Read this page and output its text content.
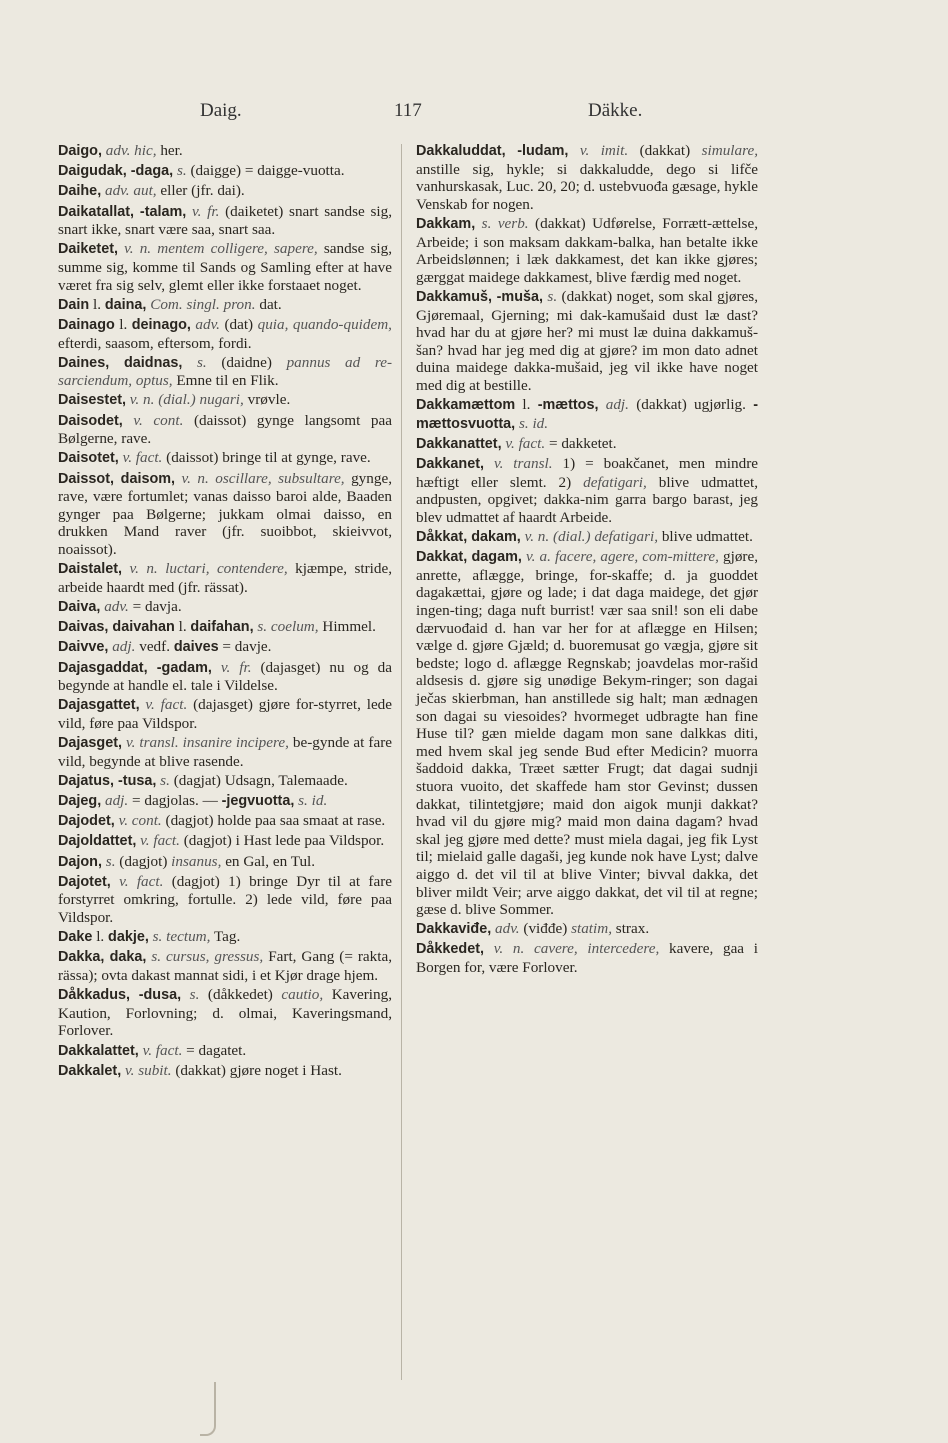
Daig.	117	Däkke.
Daigo, adv. hic, her.
Daigudak, -daga, s. (daigge) = daigge-vuotta.
Daihe, adv. aut, eller (jfr. dai).
Daikatallat, -talam, v. fr. (daiketet) snart sandse sig, snart ikke, snart være saa, snart saa.
Daiketet, v. n. mentem colligere, sapere, sandse sig, summe sig, komme til Sands og Samling efter at have været fra sig selv, glemt eller ikke forstaaet noget.
Dain l. daina, Com. singl. pron. dat.
Dainago l. deinago, adv. (dat) quia, quando-quidem, efterdi, saasom, eftersom, fordi.
Daines, daidnas, s. (daidne) pannus ad re-sarciendum, optus, Emne til en Flik.
Daisestet, v. n. (dial.) nugari, vrøvle.
Daisodet, v. cont. (daissot) gynge langsomt paa Bølgerne, rave.
Daisotet, v. fact. (daissot) bringe til at gynge, rave.
Daissot, daisom, v. n. oscillare, subsultare, gynge, rave, være fortumlet; vanas daisso baroi alde, Baaden gynger paa Bølgerne; jukkam olmai daisso, en drukken Mand raver (jfr. suoibbot, skieivvot, noaissot).
Daistalet, v. n. luctari, contendere, kjæmpe, stride, arbeide haardt med (jfr. rässat).
Daiva, adv. = davja.
Daivas, daivahan l. daifahan, s. coelum, Himmel.
Daivve, adj. vedf. daives = davje.
Dajasgaddat, -gadam, v. fr. (dajasget) nu og da begynde at handle el. tale i Vildelse.
Dajasgattet, v. fact. (dajasget) gjøre for-styrret, lede vild, føre paa Vildspor.
Dajasget, v. transl. insanire incipere, be-gynde at fare vild, begynde at blive rasende.
Dajatus, -tusa, s. (dagjat) Udsagn, Talemaade.
Dajeg, adj. = dagjolas. — -jegvuotta, s. id.
Dajodet, v. cont. (dagjot) holde paa saa smaat at rase.
Dajoldattet, v. fact. (dagjot) i Hast lede paa Vildspor.
Dajon, s. (dagjot) insanus, en Gal, en Tul.
Dajotet, v. fact. (dagjot) 1) bringe Dyr til at fare forstyrret omkring, fortulle. 2) lede vild, føre paa Vildspor.
Dake l. dakje, s. tectum, Tag.
Dakka, daka, s. cursus, gressus, Fart, Gang (= rakta, rässa); ovta dakast mannat sidi, i et Kjør drage hjem.
Dåkkadus, -dusa, s. (dåkkedet) cautio, Kavering, Kaution, Forlovning; d. olmai, Kaveringsmand, Forlover.
Dakkalattet, v. fact. = dagatet.
Dakkalet, v. subit. (dakkat) gjøre noget i Hast.
Dakkaluddat, -ludam, v. imit. (dakkat) simulare, anstille sig, hykle; si dakkaludde, dego si lifče vanhurskasak, Luc. 20, 20; d. ustebvuođa gæsage, hykle Venskab for nogen.
Dakkam, s. verb. (dakkat) Udførelse, Forrætt-ættelse, Arbeide; i son maksam dakkam-balka, han betalte ikke Arbeidslønnen; i læk dakkamest, det kan ikke gjøres; gærggat maidege dakkamest, blive færdig med noget.
Dakkamuš, -muša, s. (dakkat) noget, som skal gjøres, Gjøremaal, Gjerning; mi dak-kamušaid dust læ dast? hvad har du at gjøre her? mi must læ duina dakkamuš-šan? hvad har jeg med dig at gjøre? im mon dato adnet duina maidege dakka-mušaid, jeg vil ikke have noget med dig at bestille.
Dakkamættom l. -mættos, adj. (dakkat) ugjørlig. -mættosvuotta, s. id.
Dakkanattet, v. fact. = dakketet.
Dakkanet, v. transl. 1) = boakčanet, men mindre hæftigt eller slemt. 2) defatigari, blive udmattet, andpusten, opgivet; dakka-nim garra bargo barast, jeg blev udmattet af haardt Arbeide.
Dåkkat, dakam, v. n. (dial.) defatigari, blive udmattet.
Dakkat, dagam, v. a. facere, agere, com-mittere, gjøre, anrette, aflægge, bringe, for-skaffe; d. ja guoddet dagakættai, gjøre og lade; i dat daga maidege, det gjør ingen-ting; daga nuft burrist! vær saa snil! son eli dabe dærvuođaid d. han var her for at aflægge en Hilsen; vælge d. gjøre Gjæld; d. buoremusat go vægja, gjøre sit bedste; logo d. aflægge Regnskab; joavdelas mor-rašid aldsesis d. gjøre sig unødige Bekym-ringer; son dagai ječas skierbman, han anstillede sig halt; man ædnagen son dagai su viesoides? hvormeget udbragte han fine Huse til? gæn mielde dagam mon sane dalkkas diti, med hvem skal jeg sende Bud efter Medicin? muorra šaddoid dakka, Træet sætter Frugt; dat dagai sudnji stuora vuoito, det skaffede ham stor Gevinst; dussen dakkat, tilintetgjøre; maid don aigok munji dakkat? hvad vil du gjøre mig? maid mon daina dagam? hvad skal jeg gjøre med dette? must miela dagai, jeg fik Lyst til; mielaid galle dagaši, jeg kunde nok have Lyst; dalve aiggo d. det vil til at blive Vinter; bivval dakka, det bliver mildt Veir; arve aiggo dakkat, det vil til at regne; gæse d. blive Sommer.
Dakkaviđe, adv. (viđđe) statim, strax.
Dåkkedet, v. n. cavere, intercedere, kavere, gaa i Borgen for, være Forlover.
